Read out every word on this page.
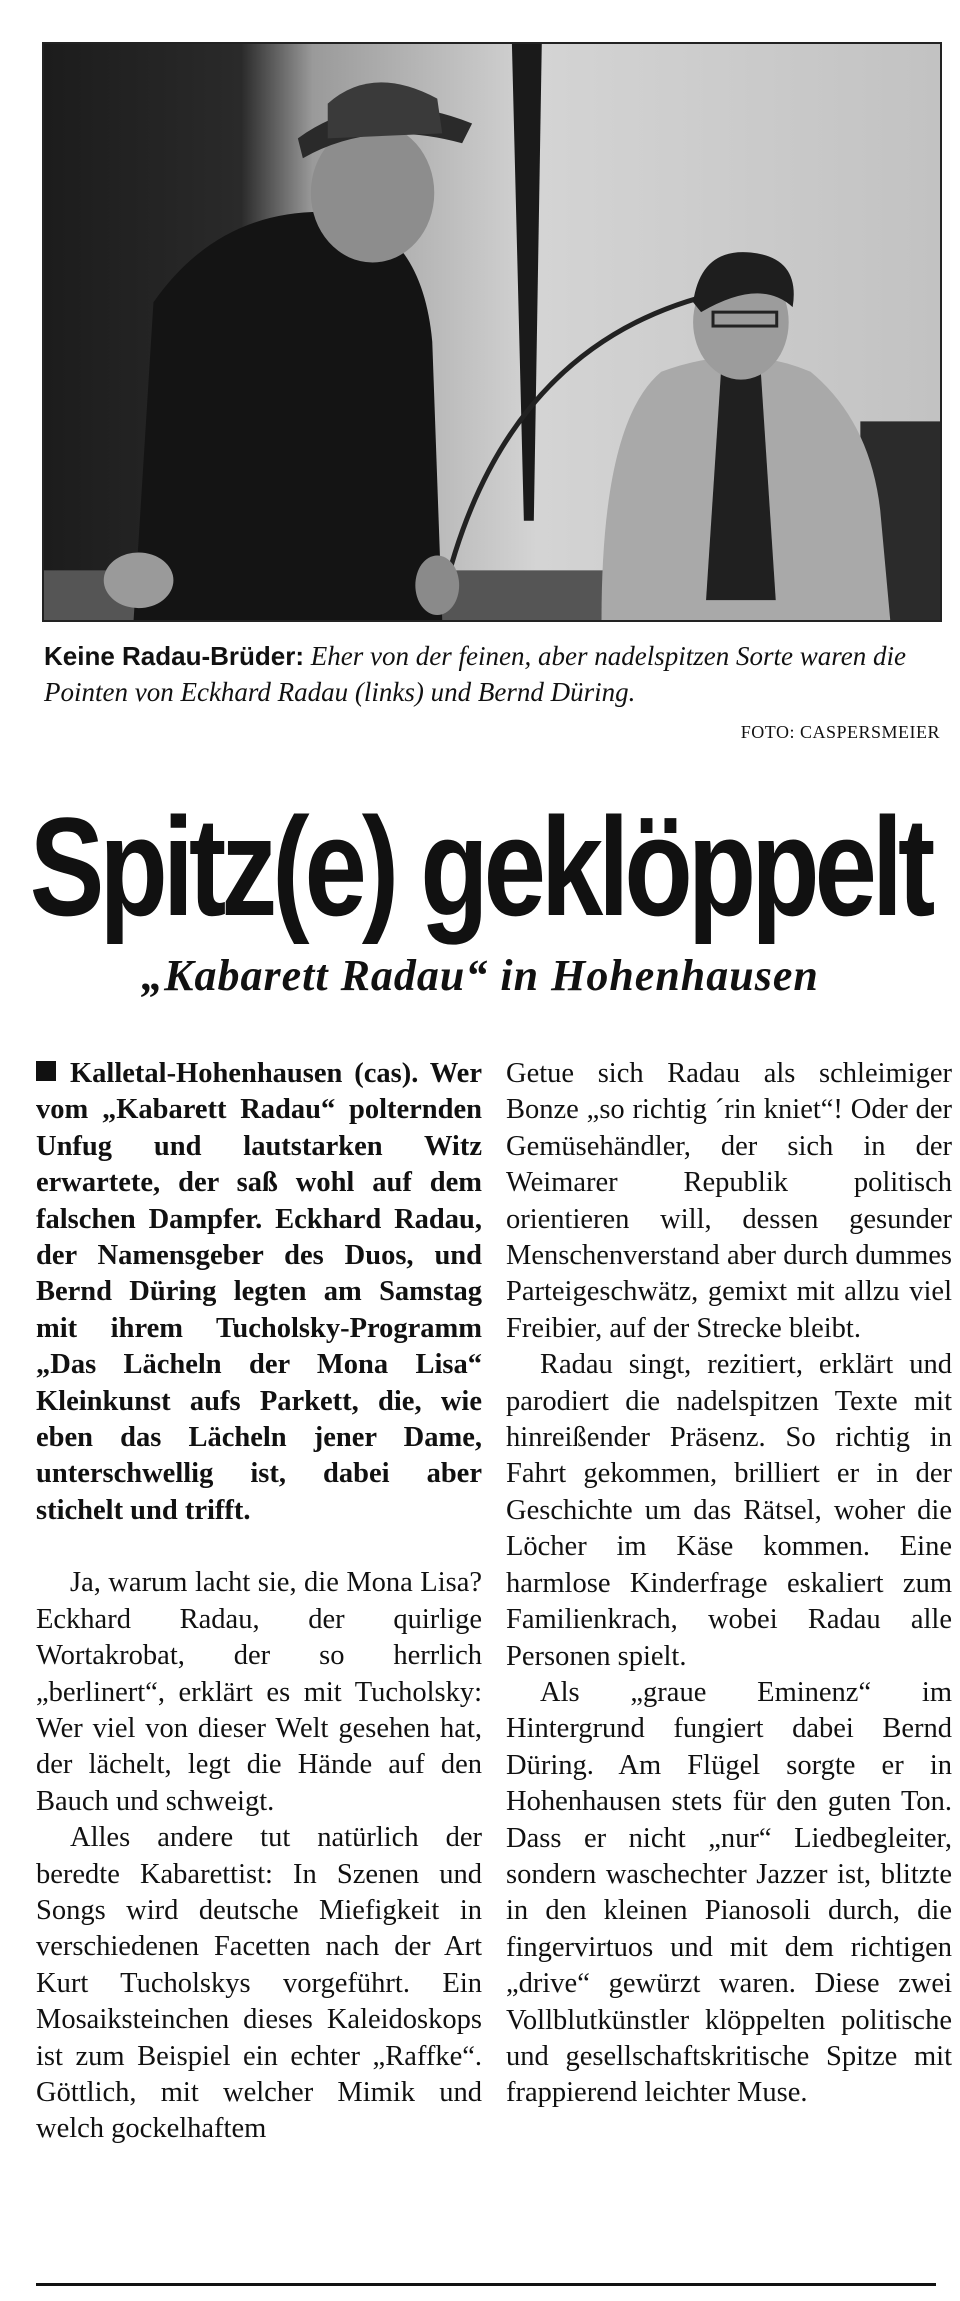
Keine Radau-Brüder: Eher von der feinen, aber nadelspitzen Sorte waren die Pointen von Eckhard Radau (links) und Bernd Düring.
FOTO: CASPERSMEIER
Spitz(e) geklöppelt
„Kabarett Radau“ in Hohenhausen

Kalletal-Hohenhausen (cas). Wer vom „Kabarett Radau“ polternden Unfug und lautstarken Witz erwartete, der saß wohl auf dem falschen Dampfer. Eckhard Radau, der Namensgeber des Duos, und Bernd Düring legten am Samstag mit ihrem Tucholsky-Programm „Das Lächeln der Mona Lisa“ Kleinkunst aufs Parkett, die, wie eben das Lächeln jener Dame, unterschwellig ist, dabei aber stichelt und trifft.

Ja, warum lacht sie, die Mona Lisa? Eckhard Radau, der quirlige Wortakrobat, der so herrlich „berlinert“, erklärt es mit Tucholsky: Wer viel von dieser Welt gesehen hat, der lächelt, legt die Hände auf den Bauch und schweigt.

Alles andere tut natürlich der beredte Kabarettist: In Szenen und Songs wird deutsche Miefigkeit in verschiedenen Facetten nach der Art Kurt Tucholskys vorgeführt. Ein Mosaiksteinchen dieses Kaleidoskops ist zum Beispiel ein echter „Raffke“. Göttlich, mit welcher Mimik und welch gockelhaftem

Getue sich Radau als schleimiger Bonze „so richtig ´rin kniet“! Oder der Gemüsehändler, der sich in der Weimarer Republik politisch orientieren will, dessen gesunder Menschenverstand aber durch dummes Parteigeschwätz, gemixt mit allzu viel Freibier, auf der Strecke bleibt.

Radau singt, rezitiert, erklärt und parodiert die nadelspitzen Texte mit hinreißender Präsenz. So richtig in Fahrt gekommen, brilliert er in der Geschichte um das Rätsel, woher die Löcher im Käse kommen. Eine harmlose Kinderfrage eskaliert zum Familienkrach, wobei Radau alle Personen spielt.

Als „graue Eminenz“ im Hintergrund fungiert dabei Bernd Düring. Am Flügel sorgte er in Hohenhausen stets für den guten Ton. Dass er nicht „nur“ Liedbegleiter, sondern waschechter Jazzer ist, blitzte in den kleinen Pianosoli durch, die fingervirtuos und mit dem richtigen „drive“ gewürzt waren. Diese zwei Vollblutkünstler klöppelten politische und gesellschaftskritische Spitze mit frappierend leichter Muse.
